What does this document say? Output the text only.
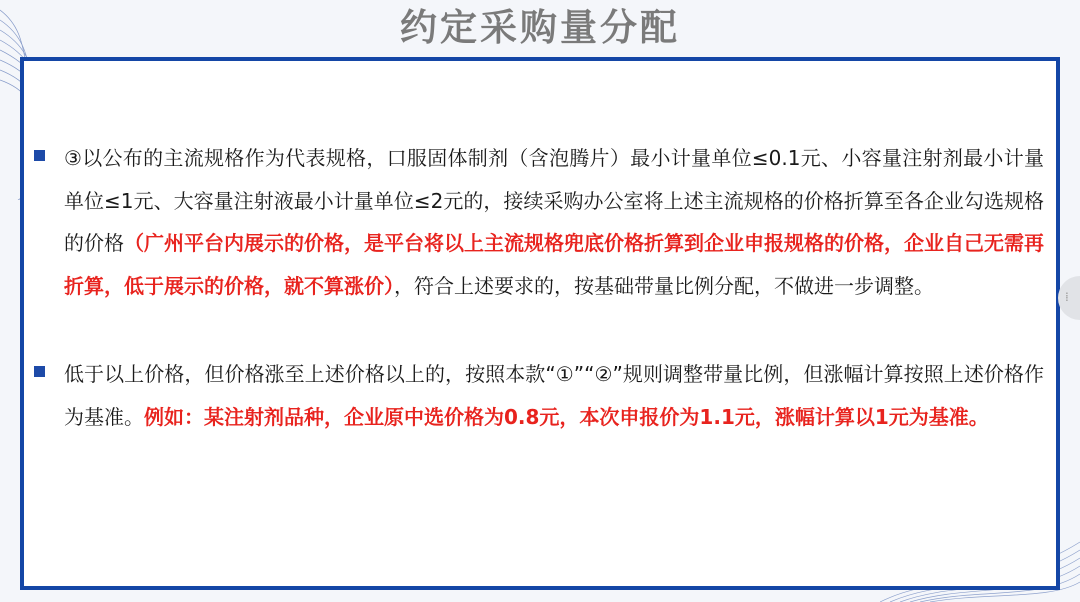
约定采购量分配
③以公布的主流规格作为代表规格，口服固体制剂（含泡腾片）最小计量单位≤0.1元、小容量注射剂最小计量单位≤1元、大容量注射液最小计量单位≤2元的，接续采购办公室将上述主流规格的价格折算至各企业勾选规格的价格（广州平台内展示的价格，是平台将以上主流规格兜底价格折算到企业申报规格的价格，企业自己无需再折算，低于展示的价格，就不算涨价），符合上述要求的，按基础带量比例分配，不做进一步调整。
低于以上价格，但价格涨至上述价格以上的，按照本款“①”“②”规则调整带量比例，但涨幅计算按照上述价格作为基准。例如：某注射剂品种，企业原中选价格为0.8元，本次申报价为1.1元，涨幅计算以1元为基准。
⁞
